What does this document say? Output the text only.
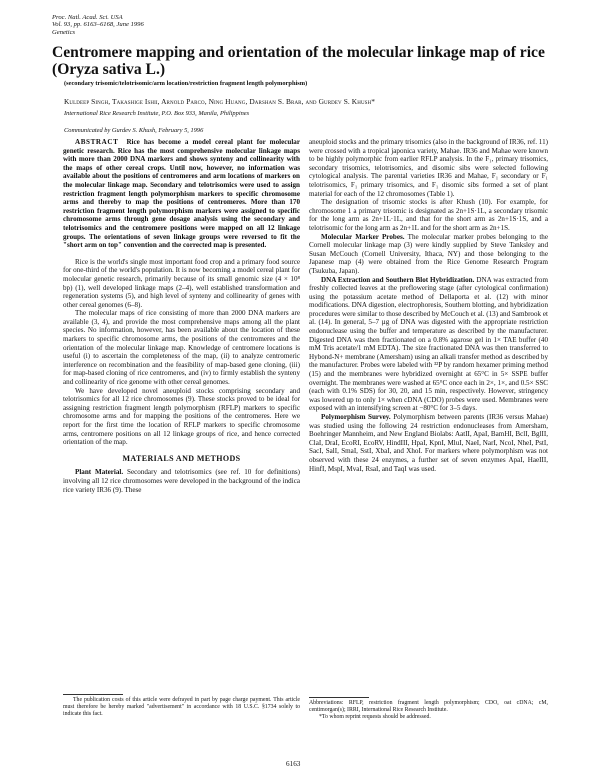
Proc. Natl. Acad. Sci. USA
Vol. 93, pp. 6163–6168, June 1996
Genetics
Centromere mapping and orientation of the molecular linkage map of rice (Oryza sativa L.)
(secondary trisomic/telotrisomic/arm location/restriction fragment length polymorphism)
Kuldeep Singh, Takashige Ishii, Arnold Parco, Ning Huang, Darshan S. Brar, and Gurdev S. Khush*
International Rice Research Institute, P.O. Box 933, Manila, Philippines
Communicated by Gurdev S. Khush, February 5, 1996

ABSTRACT Rice has become a model cereal plant for molecular genetic research. Rice has the most comprehensive molecular linkage maps with more than 2000 DNA markers and shows synteny and collinearity with the maps of other cereal crops. Until now, however, no information was available about the positions of centromeres and arm locations of markers on the molecular linkage map. Secondary and telotrisomics were used to assign restriction fragment length polymorphism markers to specific chromosome arms and thereby to map the positions of centromeres. More than 170 restriction fragment length polymorphism markers were assigned to specific chromosome arms through gene dosage analysis using the secondary and telotrisomics and the centromere positions were mapped on all 12 linkage groups. The orientations of seven linkage groups were reversed to fit the "short arm on top" convention and the corrected map is presented.

Rice is the world's single most important food crop and a primary food source for one-third of the world's population. It is now becoming a model cereal plant for molecular genetic research, primarily because of its small genomic size (4 × 10⁸ bp) (1), well developed linkage maps (2–4), well established transformation and regeneration systems (5), and high level of synteny and collinearity of genes with other cereal genomes (6–8).

The molecular maps of rice consisting of more than 2000 DNA markers are available (3, 4), and provide the most comprehensive maps among all the plant species. No information, however, has been available about the location of these markers to specific chromosome arms, the positions of the centromeres and the orientation of the molecular linkage map. Knowledge of centromere locations is useful (i) to ascertain the completeness of the map, (ii) to analyze centromeric interference on recombination and the feasibility of map-based gene cloning, (iii) for map-based cloning of rice centromeres, and (iv) to firmly establish the synteny and collinearity of rice genome with other cereal genomes.

We have developed novel aneuploid stocks comprising secondary and telotrisomics for all 12 rice chromosomes (9). These stocks proved to be ideal for assigning restriction fragment length polymorphism (RFLP) markers to specific chromosome arms and for mapping the positions of the centromeres. Here we report for the first time the location of RFLP markers to specific chromosome arms, centromere positions on all 12 linkage groups of rice, and hence corrected orientation of the map.

MATERIALS AND METHODS

Plant Material. Secondary and telotrisomics (see ref. 10 for definitions) involving all 12 rice chromosomes were developed in the background of the indica rice variety IR36 (9). These

aneuploid stocks and the primary trisomics (also in the background of IR36, ref. 11) were crossed with a tropical japonica variety, Mahae. IR36 and Mahae were known to be highly polymorphic from earlier RFLP analysis. In the F₁, primary trisomics, secondary trisomics, telotrisomics, and disomic sibs were selected following cytological analysis. The parental varieties IR36 and Mahae, F₁ secondary or F₁ telotrisomics, F₁ primary trisomics, and F₁ disomic sibs formed a set of plant material for each of the 12 chromosomes (Table 1).

The designation of trisomic stocks is after Khush (10). For example, for chromosome 1 a primary trisomic is designated as 2n+1S·1L, a secondary trisomic for the long arm as 2n+1L·1L, and that for the short arm as 2n+1S·1S, and a telotrisomic for the long arm as 2n+1L and for the short arm as 2n+1S.

Molecular Marker Probes. The molecular marker probes belonging to the Cornell molecular linkage map (3) were kindly supplied by Steve Tanksley and Susan McCouch (Cornell University, Ithaca, NY) and those belonging to the Japanese map (4) were obtained from the Rice Genome Research Program (Tsukuba, Japan).

DNA Extraction and Southern Blot Hybridization. DNA was extracted from freshly collected leaves at the preflowering stage (after cytological confirmation) using the potassium acetate method of Dellaporta et al. (12) with minor modifications. DNA digestion, electrophoresis, Southern blotting, and hybridization procedures were similar to those described by McCouch et al. (13) and Sambrook et al. (14). In general, 5–7 µg of DNA was digested with the appropriate restriction endonuclease using the buffer and temperature as described by the manufacturer. Digested DNA was then fractionated on a 0.8% agarose gel in 1× TAE buffer (40 mM Tris acetate/1 mM EDTA). The size fractionated DNA was then transferred to Hybond-N+ membrane (Amersham) using an alkali transfer method as described by the manufacturer. Probes were labeled with ³²P by random hexamer priming method (15) and the membranes were hybridized overnight at 65°C in 5× SSPE buffer overnight. The membranes were washed at 65°C once each in 2×, 1×, and 0.5× SSC (each with 0.1% SDS) for 30, 20, and 15 min, respectively. However, stringency was lowered up to only 1× when cDNA (CDO) probes were used. Membranes were exposed with an intensifying screen at −80°C for 3–5 days.

Polymorphism Survey. Polymorphism between parents (IR36 versus Mahae) was studied using the following 24 restriction endonucleases from Amersham, Boehringer Mannheim, and New England Biolabs: AatII, ApaI, BamHI, BclI, BglII, ClaI, DraI, EcoRI, EcoRV, HindIII, HpaI, KpnI, MluI, NaeI, NarI, NcoI, NheI, PstI, SacI, SalI, SmaI, SstI, XbaI, and XhoI. For markers where polymorphism was not observed with these 24 enzymes, a further set of seven enzymes ApaI, HaeIII, HinfI, MspI, MvaI, RsaI, and TaqI was used.

The publication costs of this article were defrayed in part by page charge payment. This article must therefore be hereby marked "advertisement" in accordance with 18 U.S.C. §1734 solely to indicate this fact.

Abbreviations: RFLP, restriction fragment length polymorphism; CDO, oat cDNA; cM, centimorgan(s); IRRI, International Rice Research Institute.

*To whom reprint requests should be addressed.

6163
